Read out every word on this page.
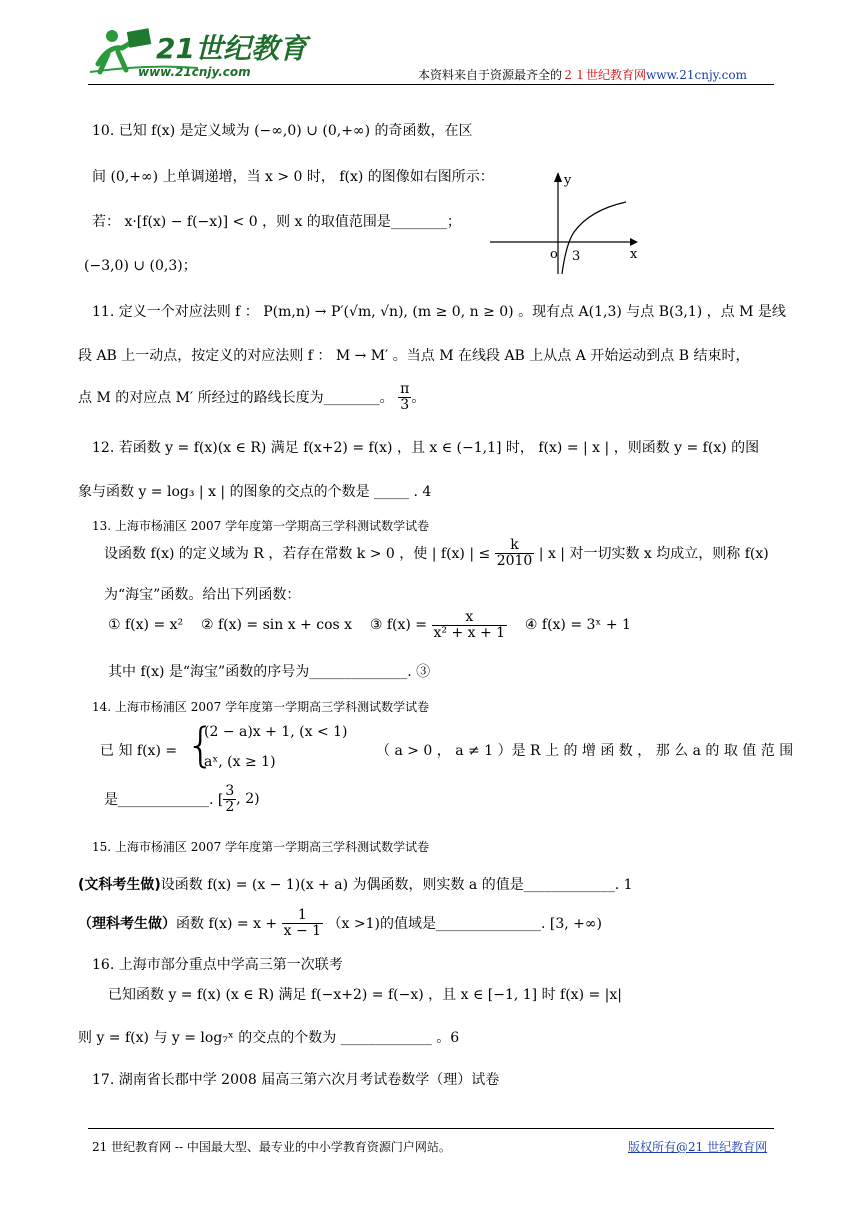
21世纪教育
www.21cnjy.com	本资料来自于资源最齐全的２１世纪教育网www.21cnjy.com
10. 已知 f(x) 是定义域为 (−∞,0) ∪ (0,+∞) 的奇函数，在区
间 (0,+∞) 上单调递增，当 x > 0 时， f(x) 的图像如右图所示：
若： x·[f(x) − f(−x)] < 0 ，则 x 的取值范围是________；
(−3,0) ∪ (0,3)；
y
x
o 3
11. 定义一个对应法则 f ： P(m,n) → P′(√m, √n), (m ≥ 0, n ≥ 0) 。现有点 A(1,3) 与点 B(3,1) ，点 M 是线
段 AB 上一动点，按定义的对应法则 f ： M → M′ 。当点 M 在线段 AB 上从点 A 开始运动到点 B 结束时，
点 M 的对应点 M′ 所经过的路线长度为________。 $\frac{\pi}{3}$ 。
12. 若函数 y = f(x)(x ∈ R) 满足 f(x+2) = f(x) ，且 x ∈ (−1,1] 时， f(x) = | x | ，则函数 y = f(x) 的图
象与函数 y = log₃ | x | 的图象的交点的个数是 _____ . 4
13. 上海市杨浦区 2007 学年度第一学期高三学科测试数学试卷
设函数 f(x) 的定义域为 R ，若存在常数 k > 0 ，使 | f(x) | ≤ $\frac{k}{2010}$ | x | 对一切实数 x 均成立，则称 f(x)
为“海宝”函数。给出下列函数：
① f(x) = x² ② f(x) = sin x + cos x ③ $f(x) = \frac{x}{\text{x² + x + 1}}$ ④ f(x) = 3ˣ + 1
其中 f(x) 是“海宝”函数的序号为______________. ③
14. 上海市杨浦区 2007 学年度第一学期高三学科测试数学试卷
已 知 f(x) = {
(2 − a)x + 1, (x < 1)
aˣ, (x ≥ 1)
（ a > 0 ， a ≠ 1 ）是 R 上 的 增 函 数 ， 那 么 a 的 取 值 范 围
是_____________. [ $\frac{3}{2}$ , 2)
15. 上海市杨浦区 2007 学年度第一学期高三学科测试数学试卷
(文科考生做)设函数 f(x) = (x − 1)(x + a) 为偶函数，则实数 a 的值是_____________. 1
（理科考生做）函数 $f(x) = x + \frac{1}{x - 1} (x >1)$的值域是_______________. [3, +∞)
16. 上海市部分重点中学高三第一次联考
已知函数 y = f(x) (x ∈ R) 满足 f(−x+2) = f(−x) ，且 x ∈ [−1, 1] 时 f(x) = |x|
则 y = f(x) 与 y = log₇ˣ 的交点的个数为 _____________ 。6
17. 湖南省长郡中学 2008 届高三第六次月考试卷数学（理）试卷
21 世纪教育网 -- 中国最大型、最专业的中小学教育资源门户网站。	版权所有@21 世纪教育网
